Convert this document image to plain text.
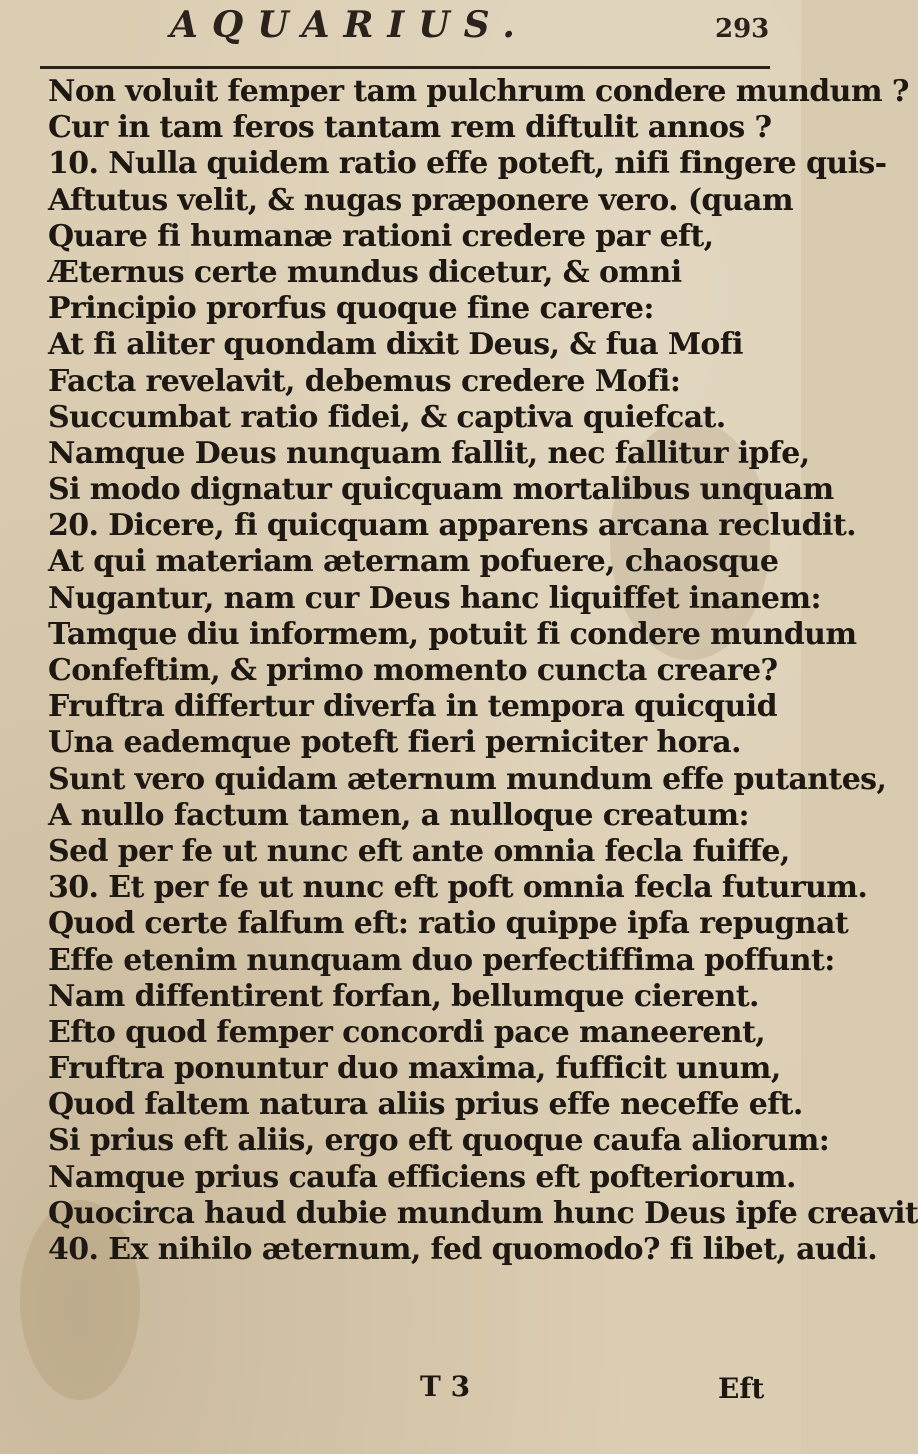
AQUARIUS.	293
Non voluit femper tam pulchrum condere mundum ?
Cur in tam feros tantam rem diftulit annos ?
10. Nulla quidem ratio effe poteft, nifi fingere quis-
Aftutus velit, & nugas præponere vero. (quam
Quare fi humanæ rationi credere par eft,
Æternus certe mundus dicetur, & omni
Principio prorfus quoque fine carere:
At fi aliter quondam dixit Deus, & fua Mofi
Facta revelavit, debemus credere Mofi:
Succumbat ratio fidei, & captiva quiefcat.
Namque Deus nunquam fallit, nec fallitur ipfe,
Si modo dignatur quicquam mortalibus unquam
20. Dicere, fi quicquam apparens arcana recludit.
At qui materiam æternam pofuere, chaosque
Nugantur, nam cur Deus hanc liquiffet inanem:
Tamque diu informem, potuit fi condere mundum
Confeftim, & primo momento cuncta creare?
Fruftra differtur diverfa in tempora quicquid
Una eademque poteft fieri perniciter hora.
Sunt vero quidam æternum mundum effe putantes,
A nullo factum tamen, a nulloque creatum:
Sed per fe ut nunc eft ante omnia fecla fuiffe,
30. Et per fe ut nunc eft poft omnia fecla futurum.
Quod certe falfum eft: ratio quippe ipfa repugnat
Effe etenim nunquam duo perfectiffima poffunt:
Nam diffentirent forfan, bellumque cierent.
Efto quod femper concordi pace maneerent,
Fruftra ponuntur duo maxima, fufficit unum,
Quod faltem natura aliis prius effe neceffe eft.
Si prius eft aliis, ergo eft quoque caufa aliorum:
Namque prius caufa efficiens eft pofteriorum.
Quocirca haud dubie mundum hunc Deus ipfe creavit
40. Ex nihilo æternum, fed quomodo? fi libet, audi.
T 3	Eft
